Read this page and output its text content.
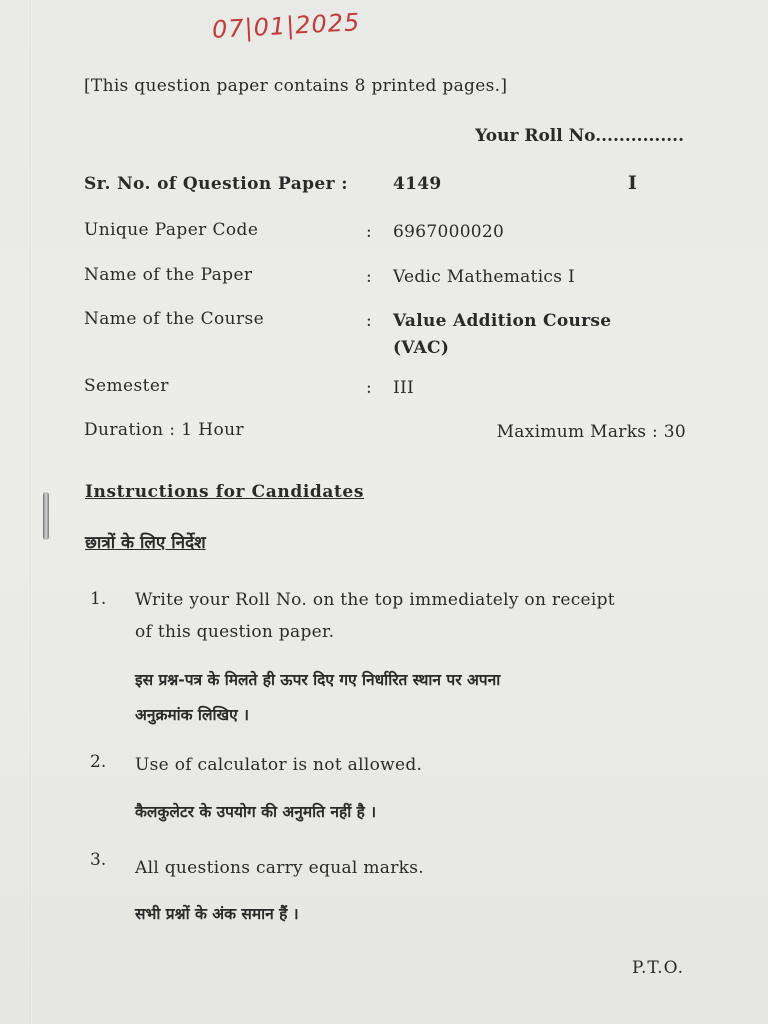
07|01|2025
[This question paper contains 8 printed pages.]
Your Roll No...............
Sr. No. of Question Paper :	4149	I
Unique Paper Code	: 6967000020
Name of the Paper	: Vedic Mathematics I
Name of the Course	: Value Addition Course
(VAC)
Semester	: III
Duration : 1 Hour	Maximum Marks : 30
Instructions for Candidates
छात्रों के लिए निर्देश
1. Write your Roll No. on the top immediately on receipt
of this question paper.
इस प्रश्न-पत्र के मिलते ही ऊपर दिए गए निर्धारित स्थान पर अपना
अनुक्रमांक लिखिए ।
2. Use of calculator is not allowed.
कैलकुलेटर के उपयोग की अनुमति नहीं है ।
3. All questions carry equal marks.
सभी प्रश्नों के अंक समान हैं ।
P.T.O.
